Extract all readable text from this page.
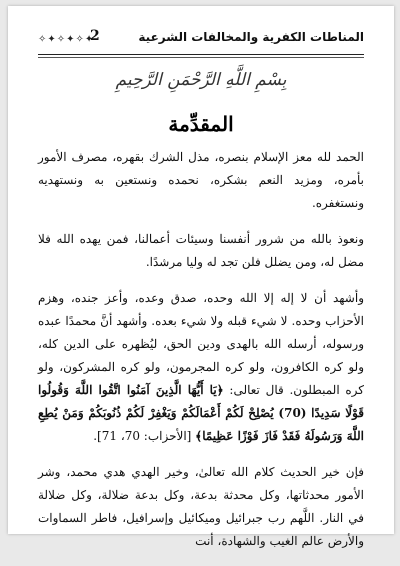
المناطات الكفرية والمخالفات الشرعية
2
✦✧✦✧✦✧
بِسْمِ اللَّهِ الرَّحْمَنِ الرَّحِيمِ
المقدِّمة

الحمد لله معز الإسلام بنصره، مذل الشرك بقهره، مصرف الأمور بأمره، ومزيد النعم بشكره، نحمده ونستعين به ونستهديه ونستغفره.

ونعوذ بالله من شرور أنفسنا وسيئات أعمالنا، فمن يهده الله فلا مضل له، ومن يضلل فلن تجد له وليا مرشدًا.

وأشهد أن لا إله إلا الله وحده، صدق وعده، وأعز جنده، وهزم الأحزاب وحده. لا شيء قبله ولا شيء بعده. وأشهد أنَّ محمدًا عبده ورسوله، أرسله الله بالهدى ودين الحق، ليُظهره على الدين كله، ولو كره الكافرون، ولو كره المجرمون، ولو كره المشركون، ولو كره المبطلون. قال تعالى: ﴿يَا أَيُّهَا الَّذِينَ آمَنُوا اتَّقُوا اللَّهَ وَقُولُوا قَوْلًا سَدِيدًا (70) يُصْلِحْ لَكُمْ أَعْمَالَكُمْ وَيَغْفِرْ لَكُمْ ذُنُوبَكُمْ وَمَنْ يُطِعِ اللَّهَ وَرَسُولَهُ فَقَدْ فَازَ فَوْزًا عَظِيمًا﴾ [الأحزاب: 70، 71].

فإن خير الحديث كلام الله تعالىٰ، وخير الهدي هدي محمد، وشر الأمور محدثاتها، وكل محدثة بدعة، وكل بدعة ضلالة، وكل ضلالة في النار. اللَّهم رب جبرائيل وميكائيل وإسرافيل، فاطر السماوات والأرض عالم الغيب والشهادة، أنت
